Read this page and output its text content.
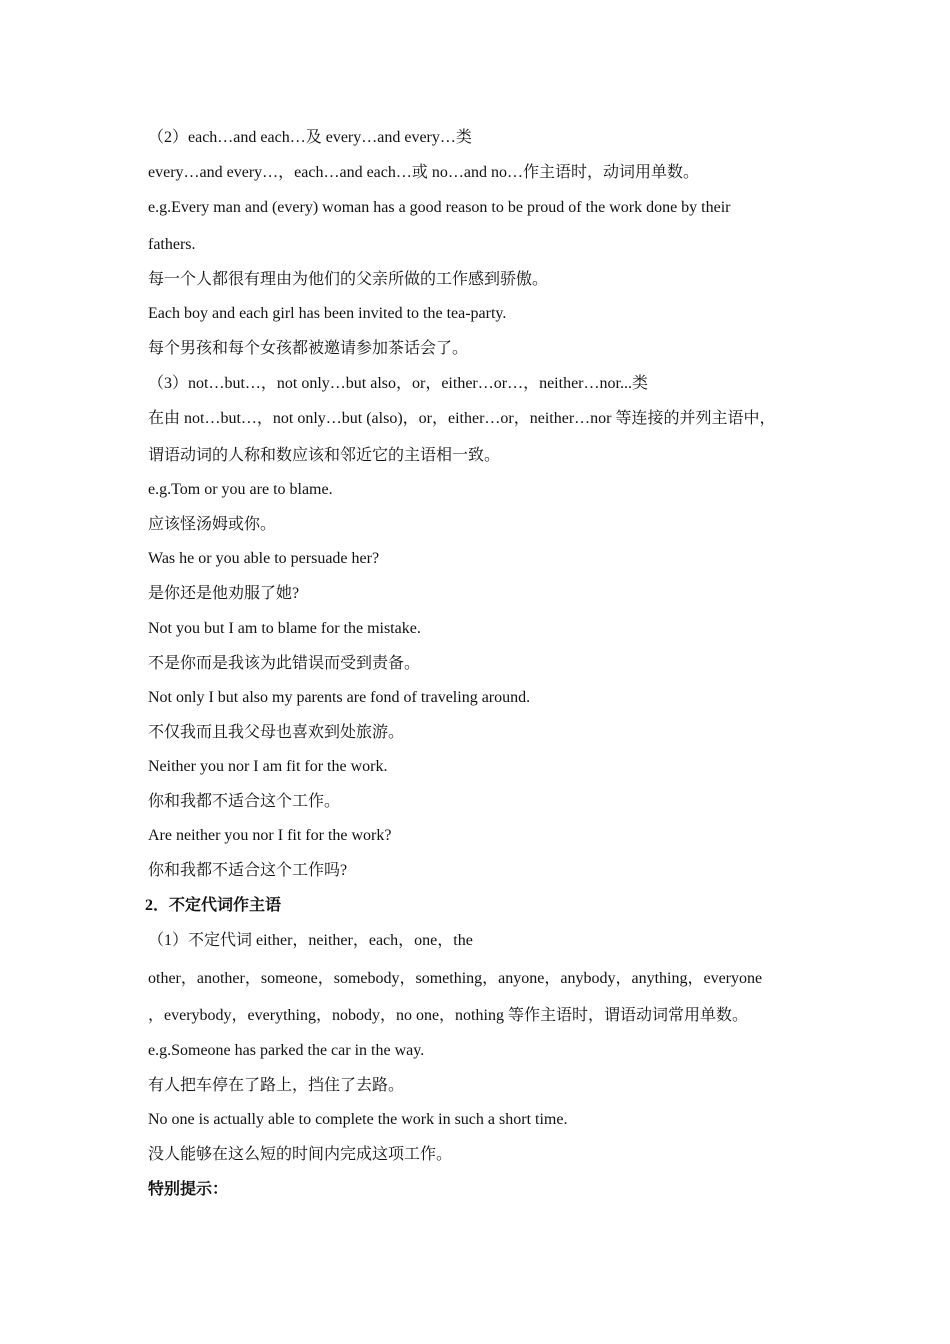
（2）each…and each…及 every…and every…类
every…and every…，each…and each…或 no…and no…作主语时，动词用单数。
e.g.Every man and (every) woman has a good reason to be proud of the work done by their
fathers.
每一个人都很有理由为他们的父亲所做的工作感到骄傲。
Each boy and each girl has been invited to the tea-party.
每个男孩和每个女孩都被邀请参加茶话会了。
（3）not…but…，not only…but also，or，either…or…，neither…nor...类
在由 not…but…，not only…but (also)，or，either…or，neither…nor 等连接的并列主语中，
谓语动词的人称和数应该和邻近它的主语相一致。
e.g.Tom or you are to blame.
应该怪汤姆或你。
Was he or you able to persuade her?
是你还是他劝服了她?
Not you but I am to blame for the mistake.
不是你而是我该为此错误而受到责备。
Not only I but also my parents are fond of traveling around.
不仅我而且我父母也喜欢到处旅游。
Neither you nor I am fit for the work.
你和我都不适合这个工作。
Are neither you nor I fit for the work?
你和我都不适合这个工作吗?
2．不定代词作主语
（1）不定代词 either，neither，each，one，the
other，another，someone，somebody，something，anyone，anybody，anything，everyone
，everybody，everything，nobody，no one，nothing 等作主语时，谓语动词常用单数。
e.g.Someone has parked the car in the way.
有人把车停在了路上，挡住了去路。
No one is actually able to complete the work in such a short time.
没人能够在这么短的时间内完成这项工作。
特别提示：
